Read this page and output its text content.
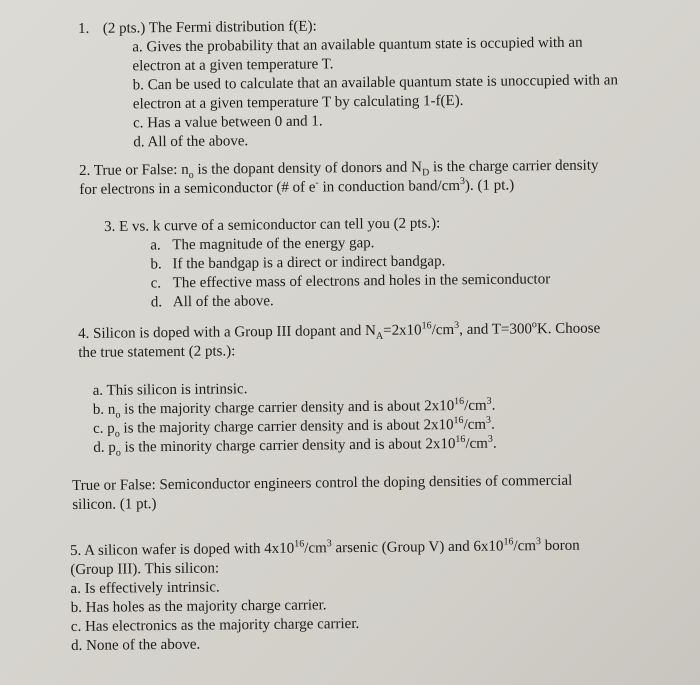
1. (2 pts.) The Fermi distribution f(E):
a. Gives the probability that an available quantum state is occupied with an
electron at a given temperature T.
b. Can be used to calculate that an available quantum state is unoccupied with an
electron at a given temperature T by calculating 1-f(E).
c. Has a value between 0 and 1.
d. All of the above.
2. True or False: $n_o$ is the dopant density of donors and $N_D$ is the charge carrier density
for electrons in a semiconductor (# of e- in conduction band/$cm^3$). (1 pt.)
3. E vs. k curve of a semiconductor can tell you (2 pts.):
a. The magnitude of the energy gap.
b. If the bandgap is a direct or indirect bandgap.
c. The effective mass of electrons and holes in the semiconductor
d. All of the above.
4. Silicon is doped with a Group III dopant and $N_A=2x10^{16}/cm^3$, and $T=300^oK$. Choose
the true statement (2 pts.):
a. This silicon is intrinsic.
b. $n_o$ is the majority charge carrier density and is about $2x10^{16}/cm^3$.
c. $p_o$ is the majority charge carrier density and is about $2x10^{16}/cm^3$.
d. $p_o$ is the minority charge carrier density and is about $2x10^{16}/cm^3$.
True or False: Semiconductor engineers control the doping densities of commercial
silicon. (1 pt.)
5. A silicon wafer is doped with $4x10^{16}/cm^3$ arsenic (Group V) and $6x10^{16}/cm^3$ boron
(Group III). This silicon:
a. Is effectively intrinsic.
b. Has holes as the majority charge carrier.
c. Has electronics as the majority charge carrier.
d. None of the above.
